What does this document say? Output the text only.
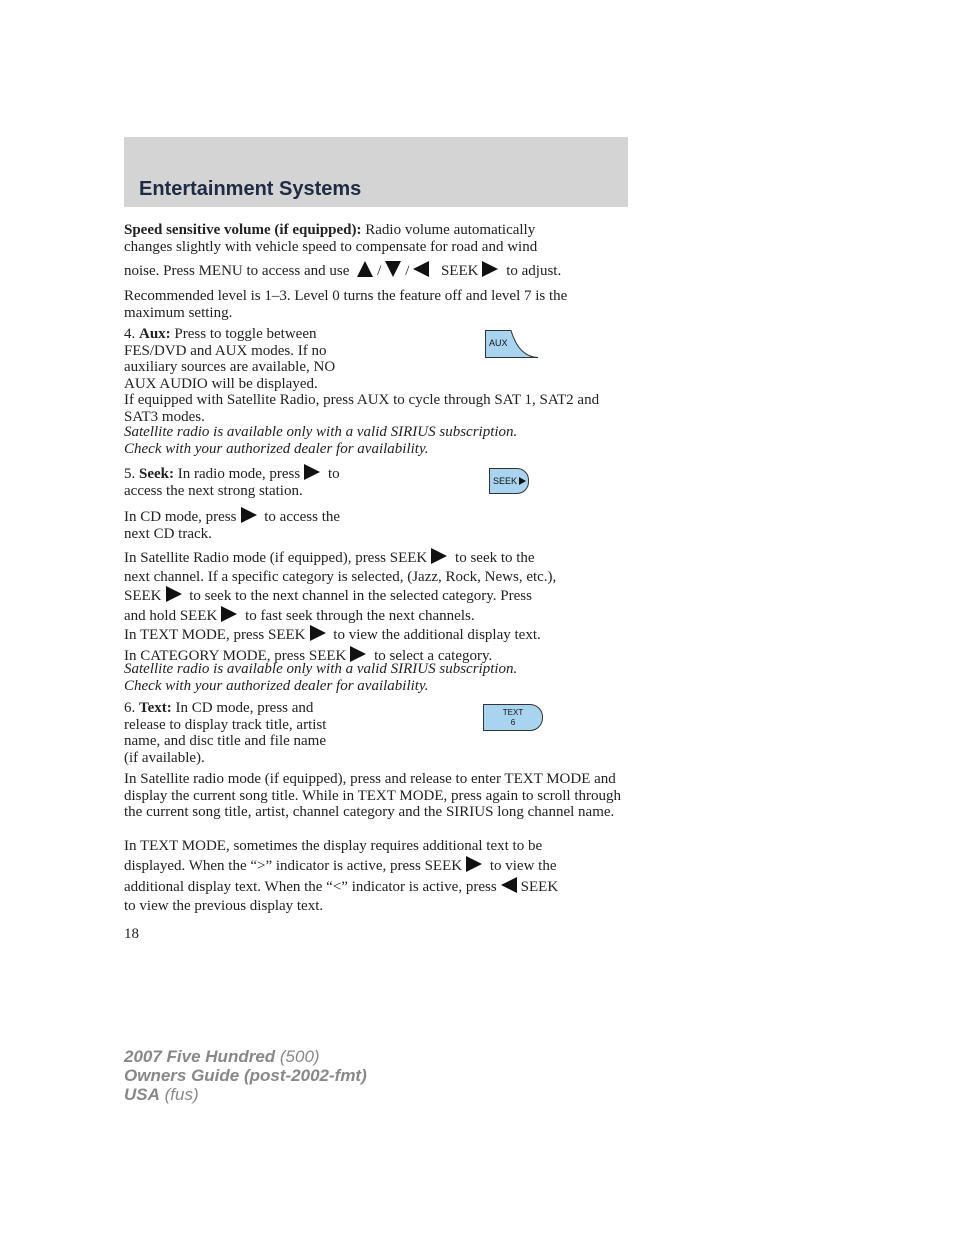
Entertainment Systems
Speed sensitive volume (if equipped): Radio volume automatically
changes slightly with vehicle speed to compensate for road and wind
noise. Press MENU to access and use / / SEEK to adjust.
Recommended level is 1–3. Level 0 turns the feature off and level 7 is the maximum setting.
4. Aux: Press to toggle between
FES/DVD and AUX modes. If no
auxiliary sources are available, NO
AUX AUDIO will be displayed.
AUX
If equipped with Satellite Radio, press AUX to cycle through SAT 1, SAT2 and SAT3 modes.
Satellite radio is available only with a valid SIRIUS subscription.
Check with your authorized dealer for availability.
5. Seek: In radio mode, press to
access the next strong station.
SEEK
In CD mode, press to access the
next CD track.
In Satellite Radio mode (if equipped), press SEEK to seek to the
next channel. If a specific category is selected, (Jazz, Rock, News, etc.),
SEEK to seek to the next channel in the selected category. Press
and hold SEEK to fast seek through the next channels.
In TEXT MODE, press SEEK to view the additional display text.
In CATEGORY MODE, press SEEK to select a category.
Satellite radio is available only with a valid SIRIUS subscription.
Check with your authorized dealer for availability.
6. Text: In CD mode, press and
release to display track title, artist
name, and disc title and file name
(if available).
TEXT
6
In Satellite radio mode (if equipped), press and release to enter TEXT MODE and display the current song title. While in TEXT MODE, press again to scroll through the current song title, artist, channel category and the SIRIUS long channel name.
In TEXT MODE, sometimes the display requires additional text to be
displayed. When the “>” indicator is active, press SEEK to view the
additional display text. When the “<” indicator is active, press SEEK
to view the previous display text.
18
2007 Five Hundred (500)
Owners Guide (post-2002-fmt)
USA (fus)
